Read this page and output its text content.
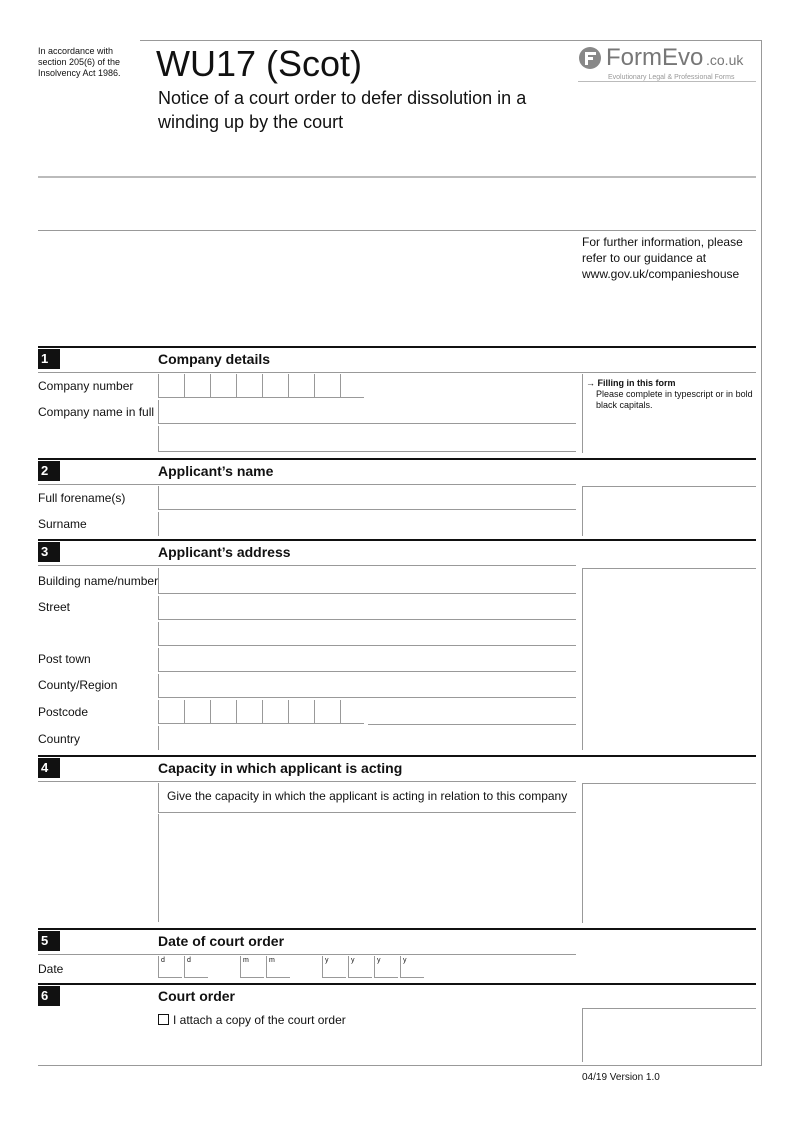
In accordance with section 205(6) of the Insolvency Act 1986. WU17 (Scot)
Notice of a court order to defer dissolution in a winding up by the court
FormEvo .co.uk
Evolutionary Legal & Professional Forms
For further information, please refer to our guidance at www.gov.uk/companieshouse
1	Company details
Company number
Company name in full
→ Filling in this form
Please complete in typescript or in bold black capitals.
2	Applicant’s name
Full forename(s)
Surname
3	Applicant’s address
Building name/number
Street
Post town
County/Region
Postcode
Country
4	Capacity in which applicant is acting
Give the capacity in which the applicant is acting in relation to this company
5	Date of court order
Date
d	d	m	m	y	y	y	y
6	Court order
I attach a copy of the court order
04/19 Version 1.0
